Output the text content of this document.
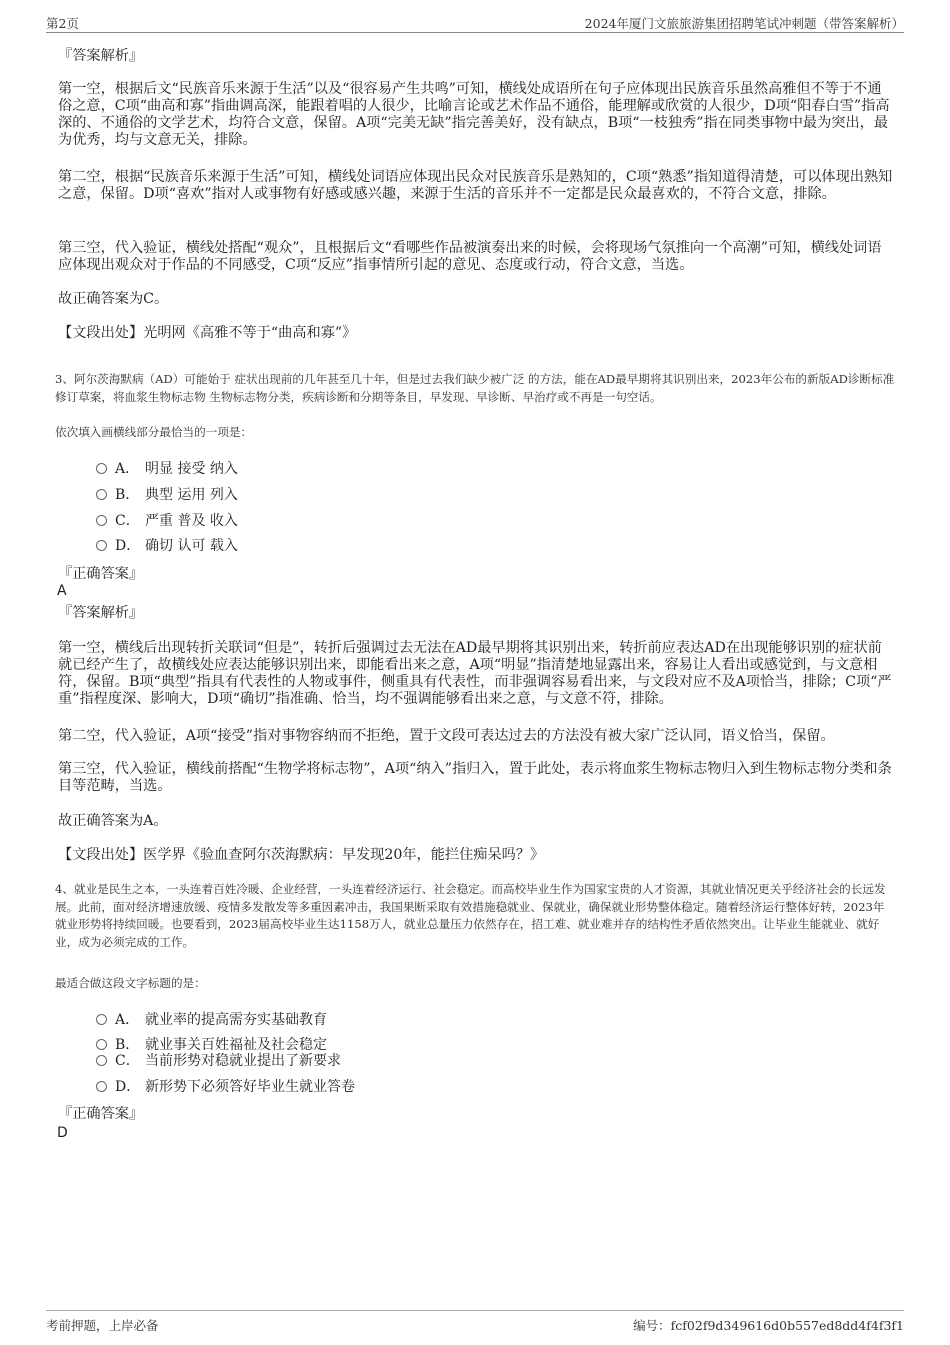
第2页	2024年厦门文旅旅游集团招聘笔试冲刺题（带答案解析）
『答案解析』

第一空，根据后文“民族音乐来源于生活”以及“很容易产生共鸣”可知，横线处成语所在句子应体现出民族音乐虽然高雅但不等于不通俗之意，C项“曲高和寡”指曲调高深，能跟着唱的人很少，比喻言论或艺术作品不通俗，能理解或欣赏的人很少，D项“阳春白雪”指高深的、不通俗的文学艺术，均符合文意，保留。A项“完美无缺”指完善美好，没有缺点，B项“一枝独秀”指在同类事物中最为突出，最为优秀，均与文意无关，排除。

第二空，根据“民族音乐来源于生活”可知，横线处词语应体现出民众对民族音乐是熟知的，C项“熟悉”指知道得清楚，可以体现出熟知之意，保留。D项“喜欢”指对人或事物有好感或感兴趣，来源于生活的音乐并不一定都是民众最喜欢的，不符合文意，排除。

第三空，代入验证，横线处搭配“观众”，且根据后文“看哪些作品被演奏出来的时候，会将现场气氛推向一个高潮”可知，横线处词语应体现出观众对于作品的不同感受，C项“反应”指事情所引起的意见、态度或行动，符合文意，当选。

故正确答案为C。

【文段出处】光明网《高雅不等于“曲高和寡”》

3、阿尔茨海默病（AD）可能始于 症状出现前的几年甚至几十年，但是过去我们缺少被广泛 的方法，能在AD最早期将其识别出来，2023年公布的新版AD诊断标准修订草案，将血浆生物标志物 生物标志物分类，疾病诊断和分期等条目，早发现、早诊断、早治疗或不再是一句空话。

依次填入画横线部分最恰当的一项是：

A． 明显 接受 纳入
B． 典型 运用 列入
C． 严重 普及 收入
D． 确切 认可 载入
『正确答案』
A
『答案解析』

第一空，横线后出现转折关联词“但是”，转折后强调过去无法在AD最早期将其识别出来，转折前应表达AD在出现能够识别的症状前就已经产生了，故横线处应表达能够识别出来，即能看出来之意，A项“明显”指清楚地显露出来，容易让人看出或感觉到，与文意相符，保留。B项“典型”指具有代表性的人物或事件，侧重具有代表性，而非强调容易看出来，与文段对应不及A项恰当，排除；C项“严重”指程度深、影响大，D项“确切”指准确、恰当，均不强调能够看出来之意，与文意不符，排除。

第二空，代入验证，A项“接受”指对事物容纳而不拒绝，置于文段可表达过去的方法没有被大家广泛认同，语义恰当，保留。

第三空，代入验证，横线前搭配“生物学将标志物”，A项“纳入”指归入，置于此处，表示将血浆生物标志物归入到生物标志物分类和条目等范畴，当选。

故正确答案为A。

【文段出处】医学界《验血查阿尔茨海默病：早发现20年，能拦住痴呆吗？》

4、就业是民生之本，一头连着百姓冷暖、企业经营，一头连着经济运行、社会稳定。而高校毕业生作为国家宝贵的人才资源，其就业情况更关乎经济社会的长远发展。此前，面对经济增速放缓、疫情多发散发等多重因素冲击，我国果断采取有效措施稳就业、保就业，确保就业形势整体稳定。随着经济运行整体好转，2023年就业形势将持续回暖。也要看到，2023届高校毕业生达1158万人，就业总量压力依然存在，招工难、就业难并存的结构性矛盾依然突出。让毕业生能就业、就好业，成为必须完成的工作。

最适合做这段文字标题的是：

A． 就业率的提高需夯实基础教育
B． 就业事关百姓福祉及社会稳定
C． 当前形势对稳就业提出了新要求
D． 新形势下必须答好毕业生就业答卷
『正确答案』
D
考前押题，上岸必备	编号：fcf02f9d349616d0b557ed8dd4f4f3f1
